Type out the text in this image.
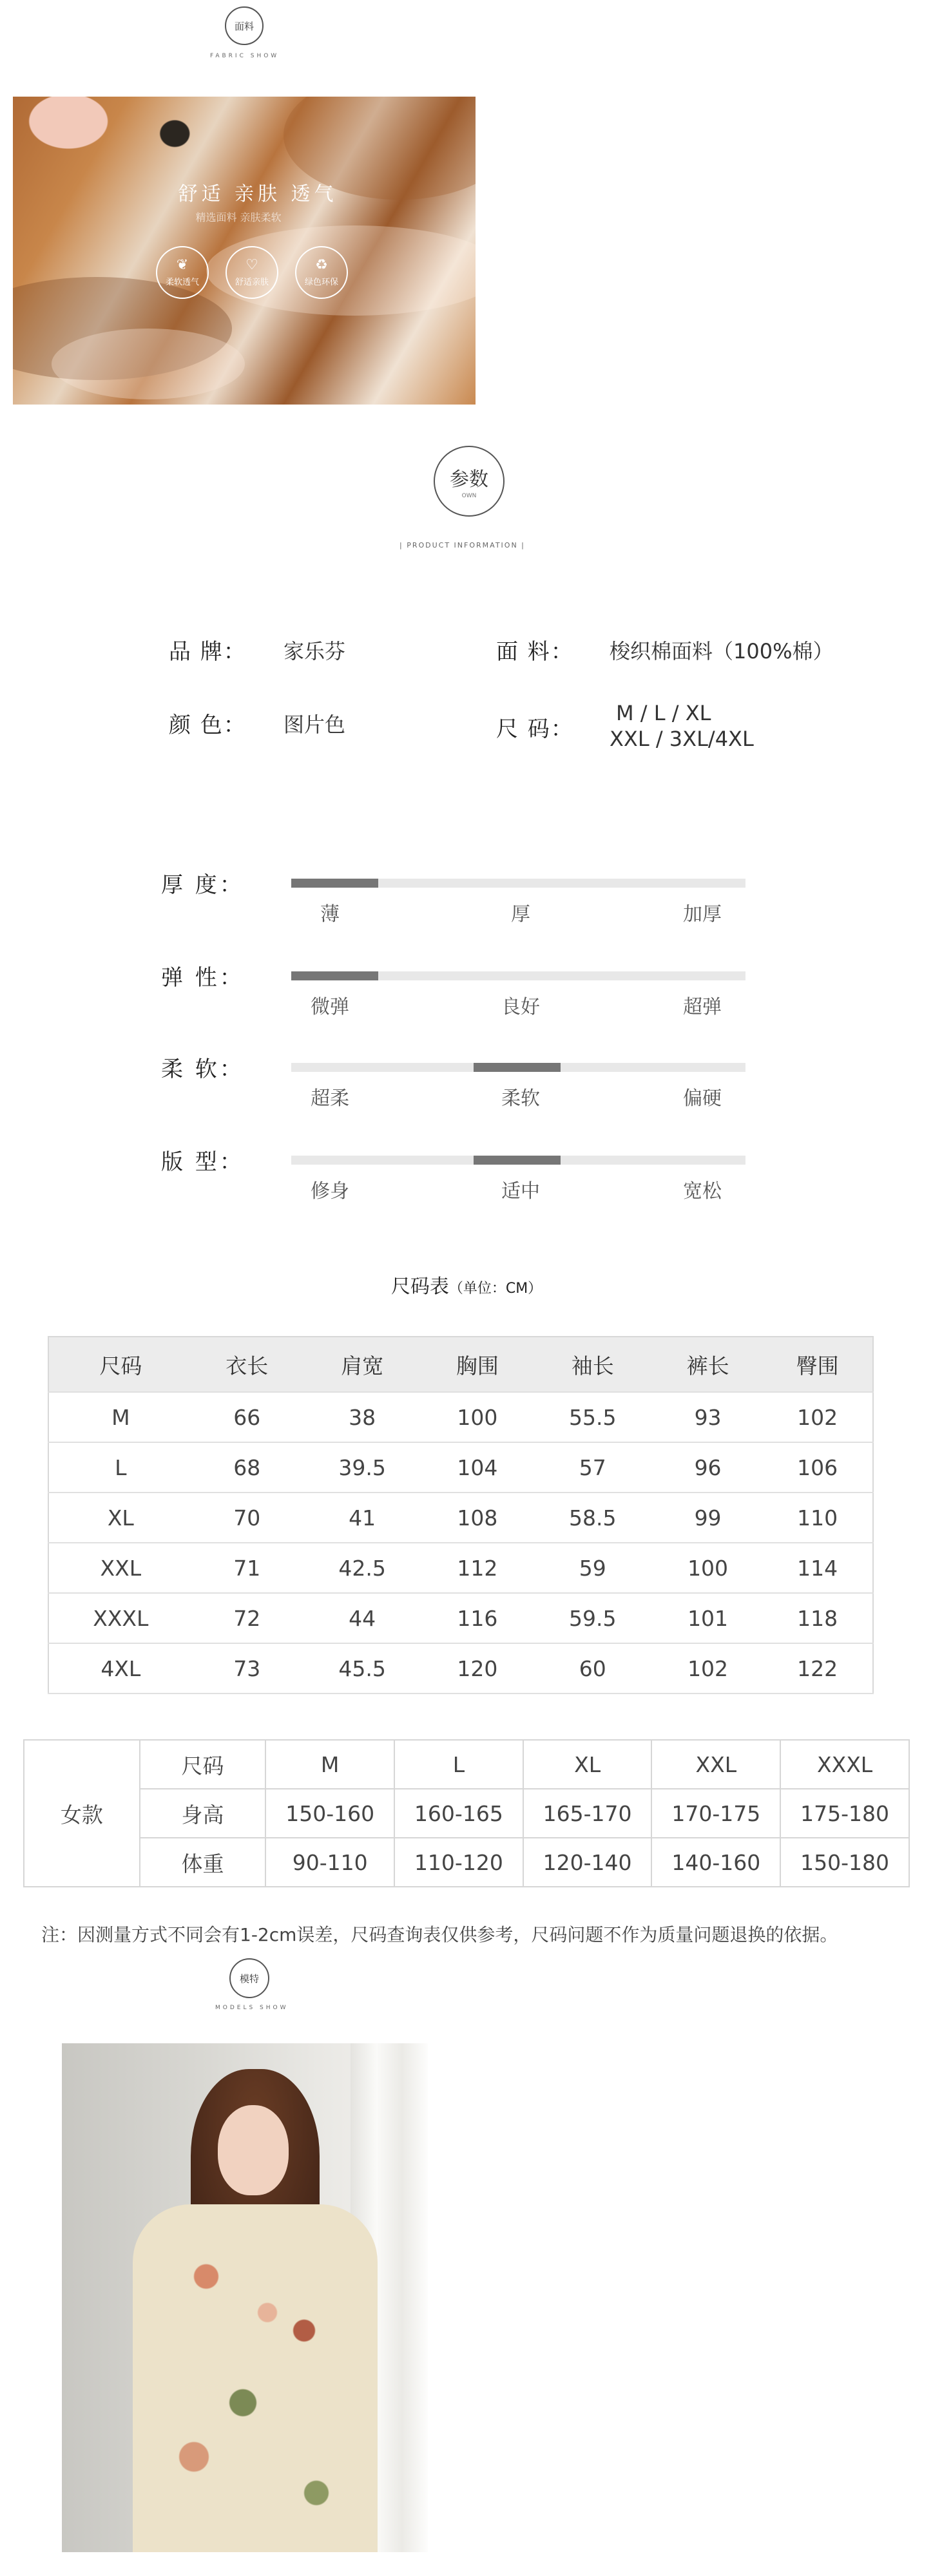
面料
FABRIC SHOW
舒适 亲肤 透气
精选面料 亲肤柔软
❦
柔软透气
♡
舒适亲肤
♻
绿色环保
参数
OWN
| PRODUCT INFORMATION |
品 牌： 家乐芬	面 料： 梭织棉面料（100%棉）
颜 色： 图片色	尺 码：
M / L / XL
XXL / 3XL/4XL
厚 度：
薄	厚	加厚
弹 性：
微弹	良好	超弹
柔 软：
超柔	柔软	偏硬
版 型：
修身	适中	宽松
尺码表（单位：CM）
尺码	衣长	肩宽	胸围	袖长	裤长	臀围
M	66	38	100	55.5	93	102
L	68	39.5	104	57	96	106
XL	70	41	108	58.5	99	110
XXL	71	42.5	112	59	100	114
XXXL	72	44	116	59.5	101	118
4XL	73	45.5	120	60	102	122
女款	尺码	M	L	XL	XXL	XXXL
	身高	150-160	160-165	165-170	170-175	175-180
	体重	90-110	110-120	120-140	140-160	150-180
注：因测量方式不同会有1-2cm误差，尺码查询表仅供参考，尺码问题不作为质量问题退换的依据。
模特
MODELS SHOW
